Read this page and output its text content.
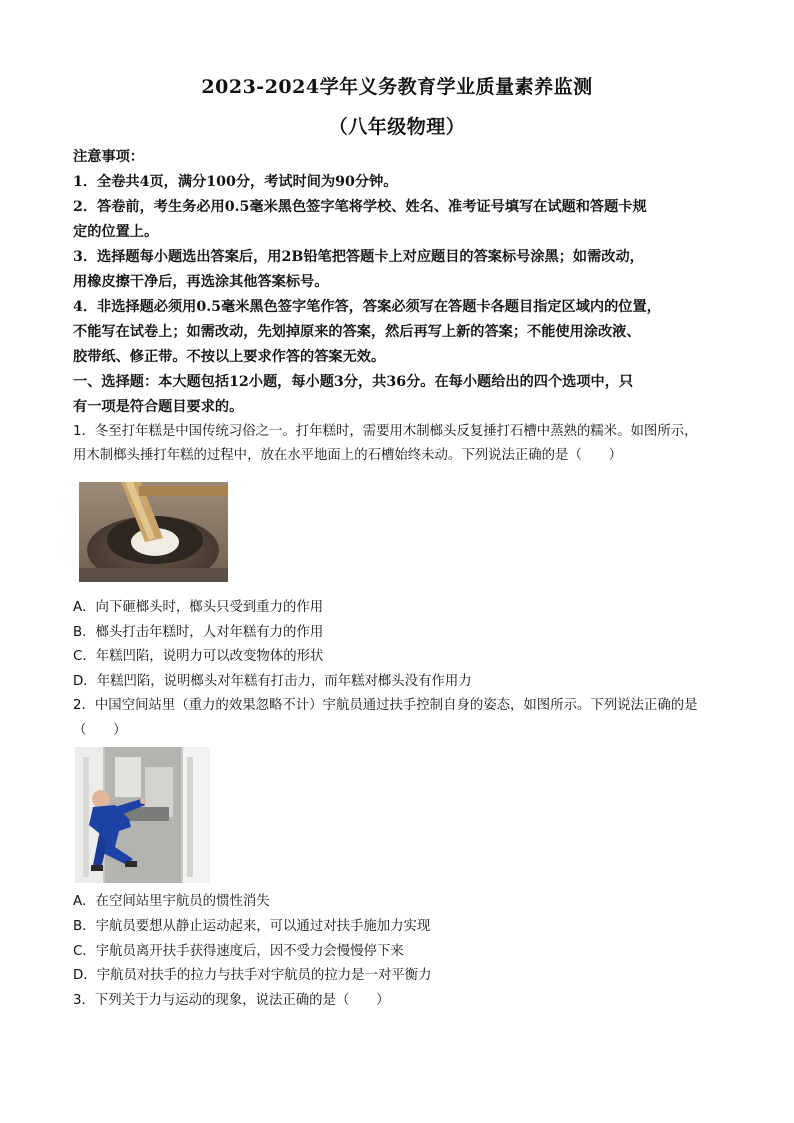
2023-2024学年义务教育学业质量素养监测
（八年级物理）
注意事项：
1．全卷共4页，满分100分，考试时间为90分钟。
2．答卷前，考生务必用0.5毫米黑色签字笔将学校、姓名、准考证号填写在试题和答题卡规
定的位置上。
3．选择题每小题选出答案后，用2B铅笔把答题卡上对应题目的答案标号涂黑；如需改动，
用橡皮擦干净后，再选涂其他答案标号。
4．非选择题必须用0.5毫米黑色签字笔作答，答案必须写在答题卡各题目指定区域内的位置，
不能写在试卷上；如需改动，先划掉原来的答案，然后再写上新的答案；不能使用涂改液、
胶带纸、修正带。不按以上要求作答的答案无效。
一、选择题：本大题包括12小题，每小题3分，共36分。在每小题给出的四个选项中，只
有一项是符合题目要求的。
1．冬至打年糕是中国传统习俗之一。打年糕时，需要用木制榔头反复捶打石槽中蒸熟的糯米。如图所示，
用木制榔头捶打年糕的过程中，放在水平地面上的石槽始终未动。下列说法正确的是（　　）
A．向下砸榔头时，榔头只受到重力的作用
B．榔头打击年糕时，人对年糕有力的作用
C．年糕凹陷，说明力可以改变物体的形状
D．年糕凹陷，说明榔头对年糕有打击力，而年糕对榔头没有作用力
2．中国空间站里（重力的效果忽略不计）宇航员通过扶手控制自身的姿态，如图所示。下列说法正确的是
（　　）
A．在空间站里宇航员的惯性消失
B．宇航员要想从静止运动起来，可以通过对扶手施加力实现
C．宇航员离开扶手获得速度后，因不受力会慢慢停下来
D．宇航员对扶手的拉力与扶手对宇航员的拉力是一对平衡力
3．下列关于力与运动的现象，说法正确的是（　　）
